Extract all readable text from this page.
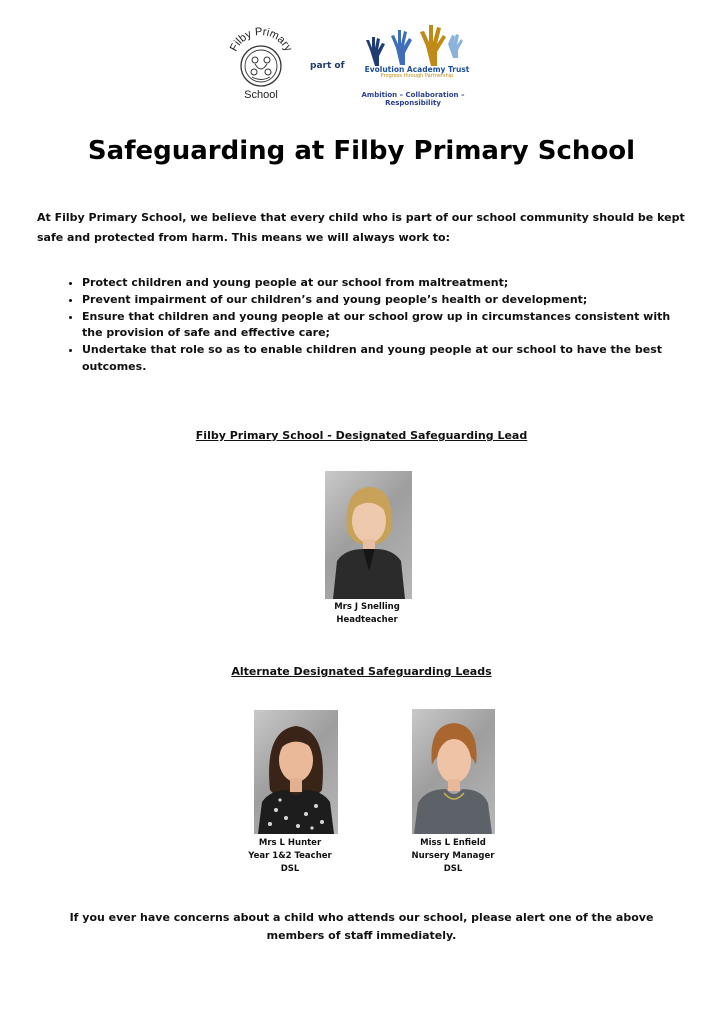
Filby Primary
School
part of	Evolution Academy Trust
Progress through Partnership
Ambition – Collaboration – Responsibility
Safeguarding at Filby Primary School
At Filby Primary School, we believe that every child who is part of our school community should be kept safe and protected from harm. This means we will always work to:
• Protect children and young people at our school from maltreatment;
• Prevent impairment of our children’s and young people’s health or development;
• Ensure that children and young people at our school grow up in circumstances consistent with the provision of safe and effective care;
• Undertake that role so as to enable children and young people at our school to have the best outcomes.
Filby Primary School - Designated Safeguarding Lead
Mrs J Snelling
Headteacher
Alternate Designated Safeguarding Leads
Mrs L Hunter
Year 1&2 Teacher
DSL
Miss L Enfield
Nursery Manager
DSL
If you ever have concerns about a child who attends our school, please alert one of the above members of staff immediately.
